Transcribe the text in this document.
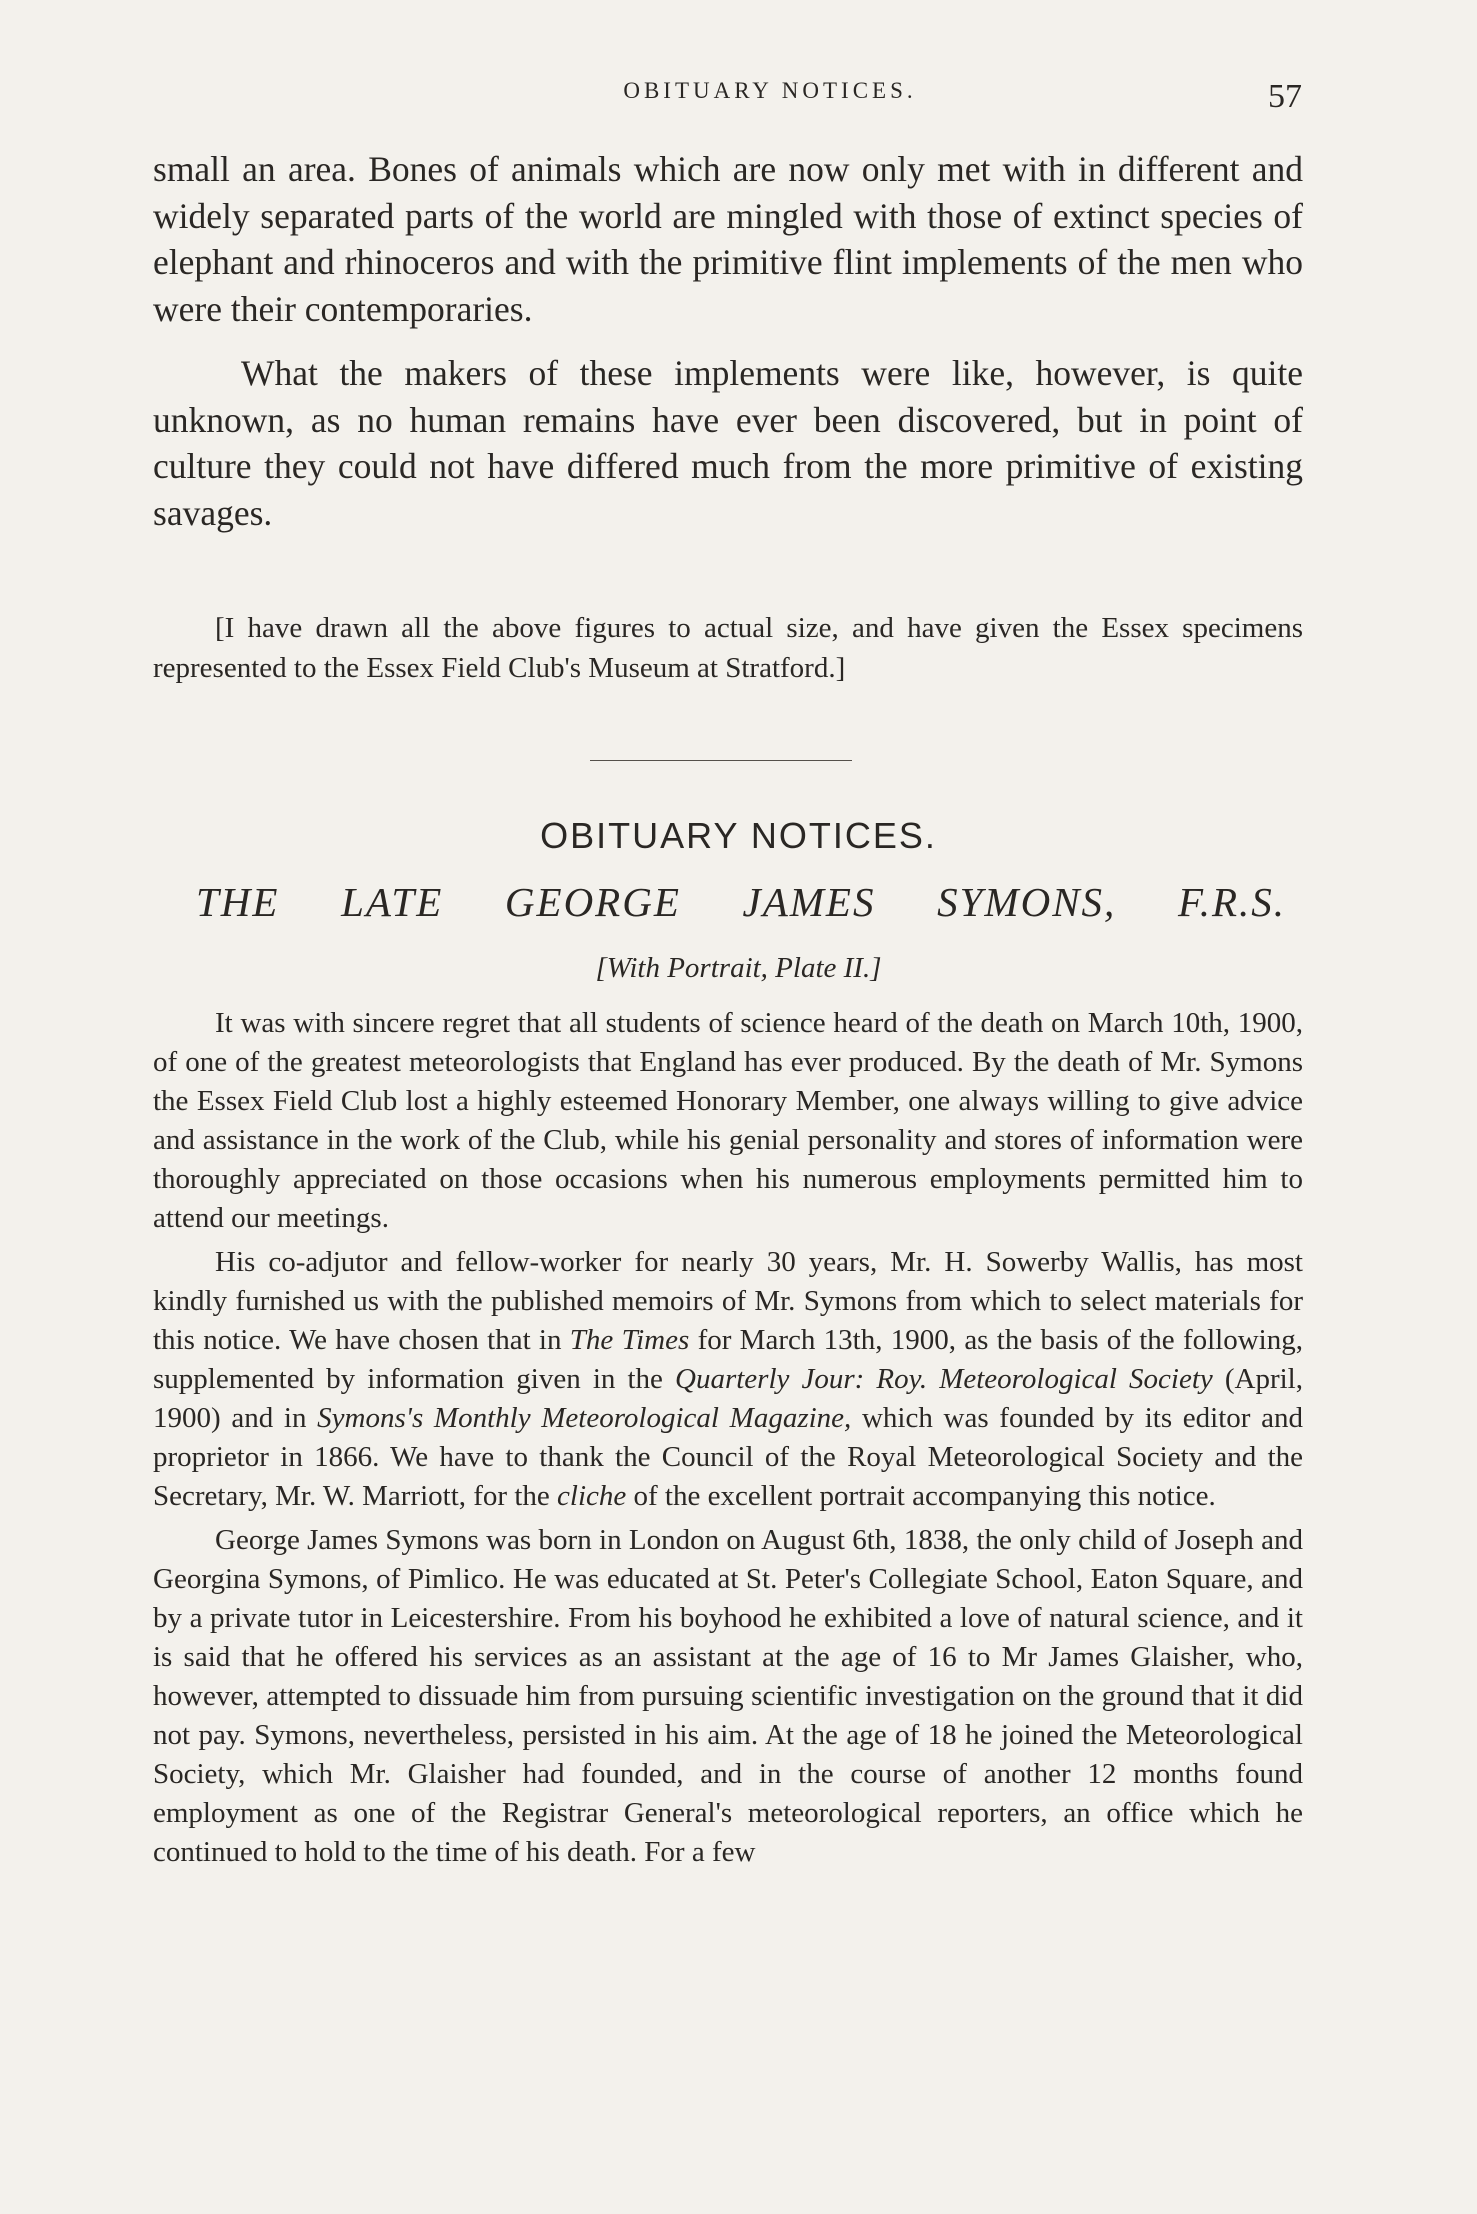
OBITUARY NOTICES.	57

small an area. Bones of animals which are now only met with in different and widely separated parts of the world are mingled with those of extinct species of elephant and rhinoceros and with the primitive flint implements of the men who were their contemporaries.

What the makers of these implements were like, however, is quite unknown, as no human remains have ever been discovered, but in point of culture they could not have differed much from the more primitive of existing savages.

[I have drawn all the above figures to actual size, and have given the Essex specimens represented to the Essex Field Club's Museum at Stratford.]

OBITUARY NOTICES.
THE LATE GEORGE JAMES SYMONS, F.R.S.
[With Portrait, Plate II.]

It was with sincere regret that all students of science heard of the death on March 10th, 1900, of one of the greatest meteorologists that England has ever produced. By the death of Mr. Symons the Essex Field Club lost a highly esteemed Honorary Member, one always willing to give advice and assistance in the work of the Club, while his genial personality and stores of information were thoroughly appreciated on those occasions when his numerous employments permitted him to attend our meetings.

His co-adjutor and fellow-worker for nearly 30 years, Mr. H. Sowerby Wallis, has most kindly furnished us with the published memoirs of Mr. Symons from which to select materials for this notice. We have chosen that in The Times for March 13th, 1900, as the basis of the following, supplemented by information given in the Quarterly Jour: Roy. Meteorological Society (April, 1900) and in Symons's Monthly Meteorological Magazine, which was founded by its editor and proprietor in 1866. We have to thank the Council of the Royal Meteorological Society and the Secretary, Mr. W. Marriott, for the cliche of the excellent portrait accompanying this notice.

George James Symons was born in London on August 6th, 1838, the only child of Joseph and Georgina Symons, of Pimlico. He was educated at St. Peter's Collegiate School, Eaton Square, and by a private tutor in Leicestershire. From his boyhood he exhibited a love of natural science, and it is said that he offered his services as an assistant at the age of 16 to Mr James Glaisher, who, however, attempted to dissuade him from pursuing scientific investigation on the ground that it did not pay. Symons, nevertheless, persisted in his aim. At the age of 18 he joined the Meteorological Society, which Mr. Glaisher had founded, and in the course of another 12 months found employment as one of the Registrar General's meteorological reporters, an office which he continued to hold to the time of his death. For a few
